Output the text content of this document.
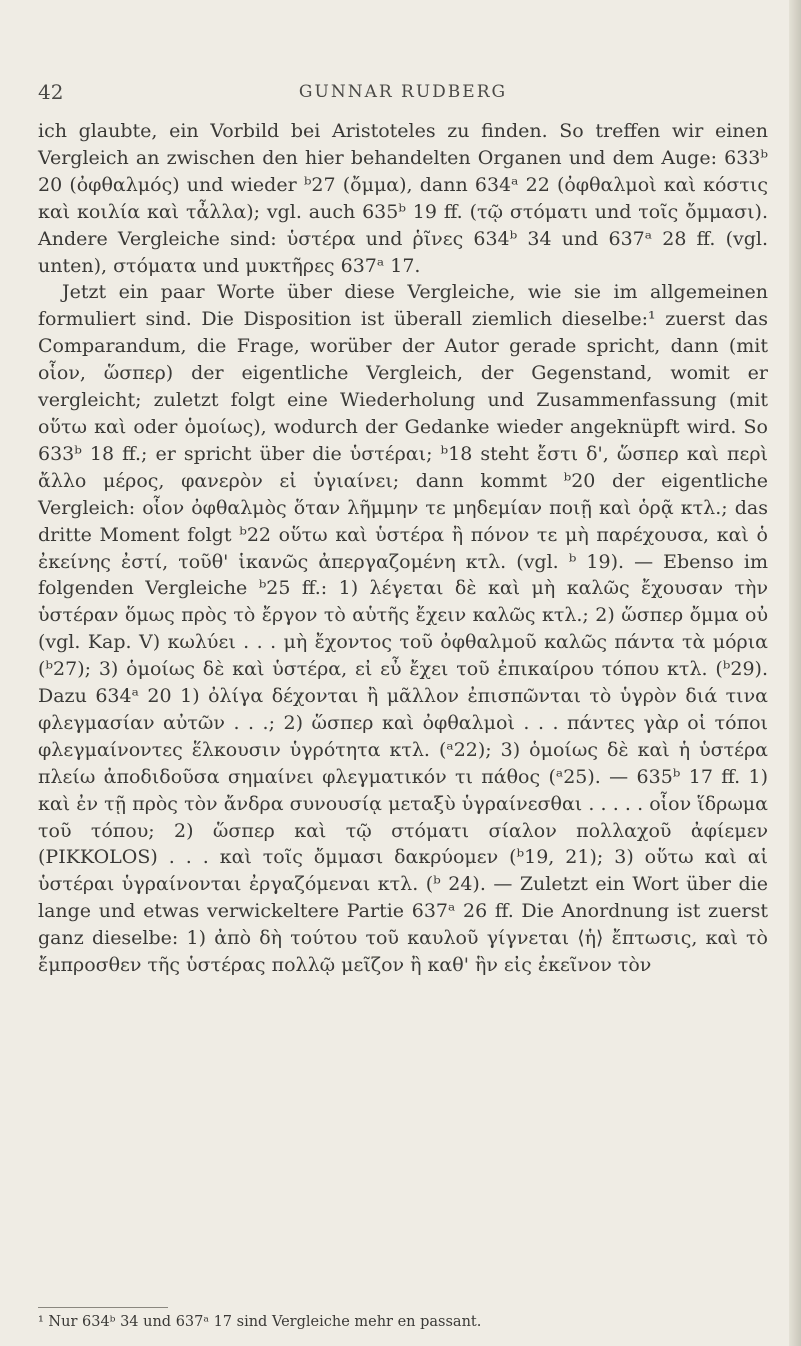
42	GUNNAR RUDBERG

ich glaubte, ein Vorbild bei Aristoteles zu finden. So treffen wir einen Vergleich an zwischen den hier behandelten Organen und dem Auge: 633ᵇ 20 (ὀφθαλμός) und wieder ᵇ27 (ὄμμα), dann 634ᵃ 22 (ὀφθαλμοὶ καὶ κόστις καὶ κοιλία καὶ τἆλλα); vgl. auch 635ᵇ 19 ff. (τῷ στόματι und τοῖς ὄμμασι). Andere Vergleiche sind: ὑστέρα und ῥῖνες 634ᵇ 34 und 637ᵃ 28 ff. (vgl. unten), στόματα und μυκτῆρες 637ᵃ 17.

Jetzt ein paar Worte über diese Vergleiche, wie sie im allgemeinen formuliert sind. Die Disposition ist überall ziemlich dieselbe:¹ zuerst das Comparandum, die Frage, worüber der Autor gerade spricht, dann (mit οἷον, ὥσπερ) der eigentliche Vergleich, der Gegenstand, womit er vergleicht; zuletzt folgt eine Wiederholung und Zusammenfassung (mit οὕτω καὶ oder ὁμοίως), wodurch der Gedanke wieder angeknüpft wird. So 633ᵇ 18 ff.; er spricht über die ὑστέραι; ᵇ18 steht ἔστι δ', ὥσπερ καὶ περὶ ἄλλο μέρος, φανερὸν εἰ ὑγιαίνει; dann kommt ᵇ20 der eigentliche Vergleich: οἷον ὀφθαλμὸς ὅταν λῆμμην τε μηδεμίαν ποιῇ καὶ ὁρᾷ κτλ.; das dritte Moment folgt ᵇ22 οὕτω καὶ ὑστέρα ἢ πόνον τε μὴ παρέχουσα, καὶ ὁ ἐκείνης ἐστί, τοῦθ' ἱκανῶς ἀπεργαζομένη κτλ. (vgl. ᵇ 19). — Ebenso im folgenden Vergleiche ᵇ25 ff.: 1) λέγεται δὲ καὶ μὴ καλῶς ἔχουσαν τὴν ὑστέραν ὅμως πρὸς τὸ ἔργον τὸ αὑτῆς ἔχειν καλῶς κτλ.; 2) ὥσπερ ὄμμα οὐ (vgl. Kap. V) κωλύει . . . μὴ ἔχοντος τοῦ ὀφθαλμοῦ καλῶς πάντα τὰ μόρια (ᵇ27); 3) ὁμοίως δὲ καὶ ὑστέρα, εἰ εὖ ἔχει τοῦ ἐπικαίρου τόπου κτλ. (ᵇ29). Dazu 634ᵃ 20 1) ὀλίγα δέχονται ἢ μᾶλλον ἐπισπῶνται τὸ ὑγρὸν διά τινα φλεγμασίαν αὐτῶν . . .; 2) ὥσπερ καὶ ὀφθαλμοὶ . . . πάντες γὰρ οἱ τόποι φλεγμαίνοντες ἕλκουσιν ὑγρότητα κτλ. (ᵃ22); 3) ὁμοίως δὲ καὶ ἡ ὑστέρα πλείω ἀποδιδοῦσα σημαίνει φλεγματικόν τι πάθος (ᵃ25). — 635ᵇ 17 ff. 1) καὶ ἐν τῇ πρὸς τὸν ἄνδρα συνουσίᾳ μεταξὺ ὑγραίνεσθαι . . . . . οἷον ἵδρωμα τοῦ τόπου; 2) ὥσπερ καὶ τῷ στόματι σίαλον πολλαχοῦ ἀφίεμεν (PIKKOLOS) . . . καὶ τοῖς ὄμμασι δακρύομεν (ᵇ19, 21); 3) οὕτω καὶ αἱ ὑστέραι ὑγραίνονται ἐργαζόμεναι κτλ. (ᵇ 24). — Zuletzt ein Wort über die lange und etwas verwickeltere Partie 637ᵃ 26 ff. Die Anordnung ist zuerst ganz dieselbe: 1) ἀπὸ δὴ τούτου τοῦ καυλοῦ γίγνεται ⟨ἡ⟩ ἔπτωσις, καὶ τὸ ἔμπροσθεν τῆς ὑστέρας πολλῷ μεῖζον ἢ καθ' ἣν εἰς ἐκεῖνον τὸν

¹ Nur 634ᵇ 34 und 637ᵃ 17 sind Vergleiche mehr en passant.
